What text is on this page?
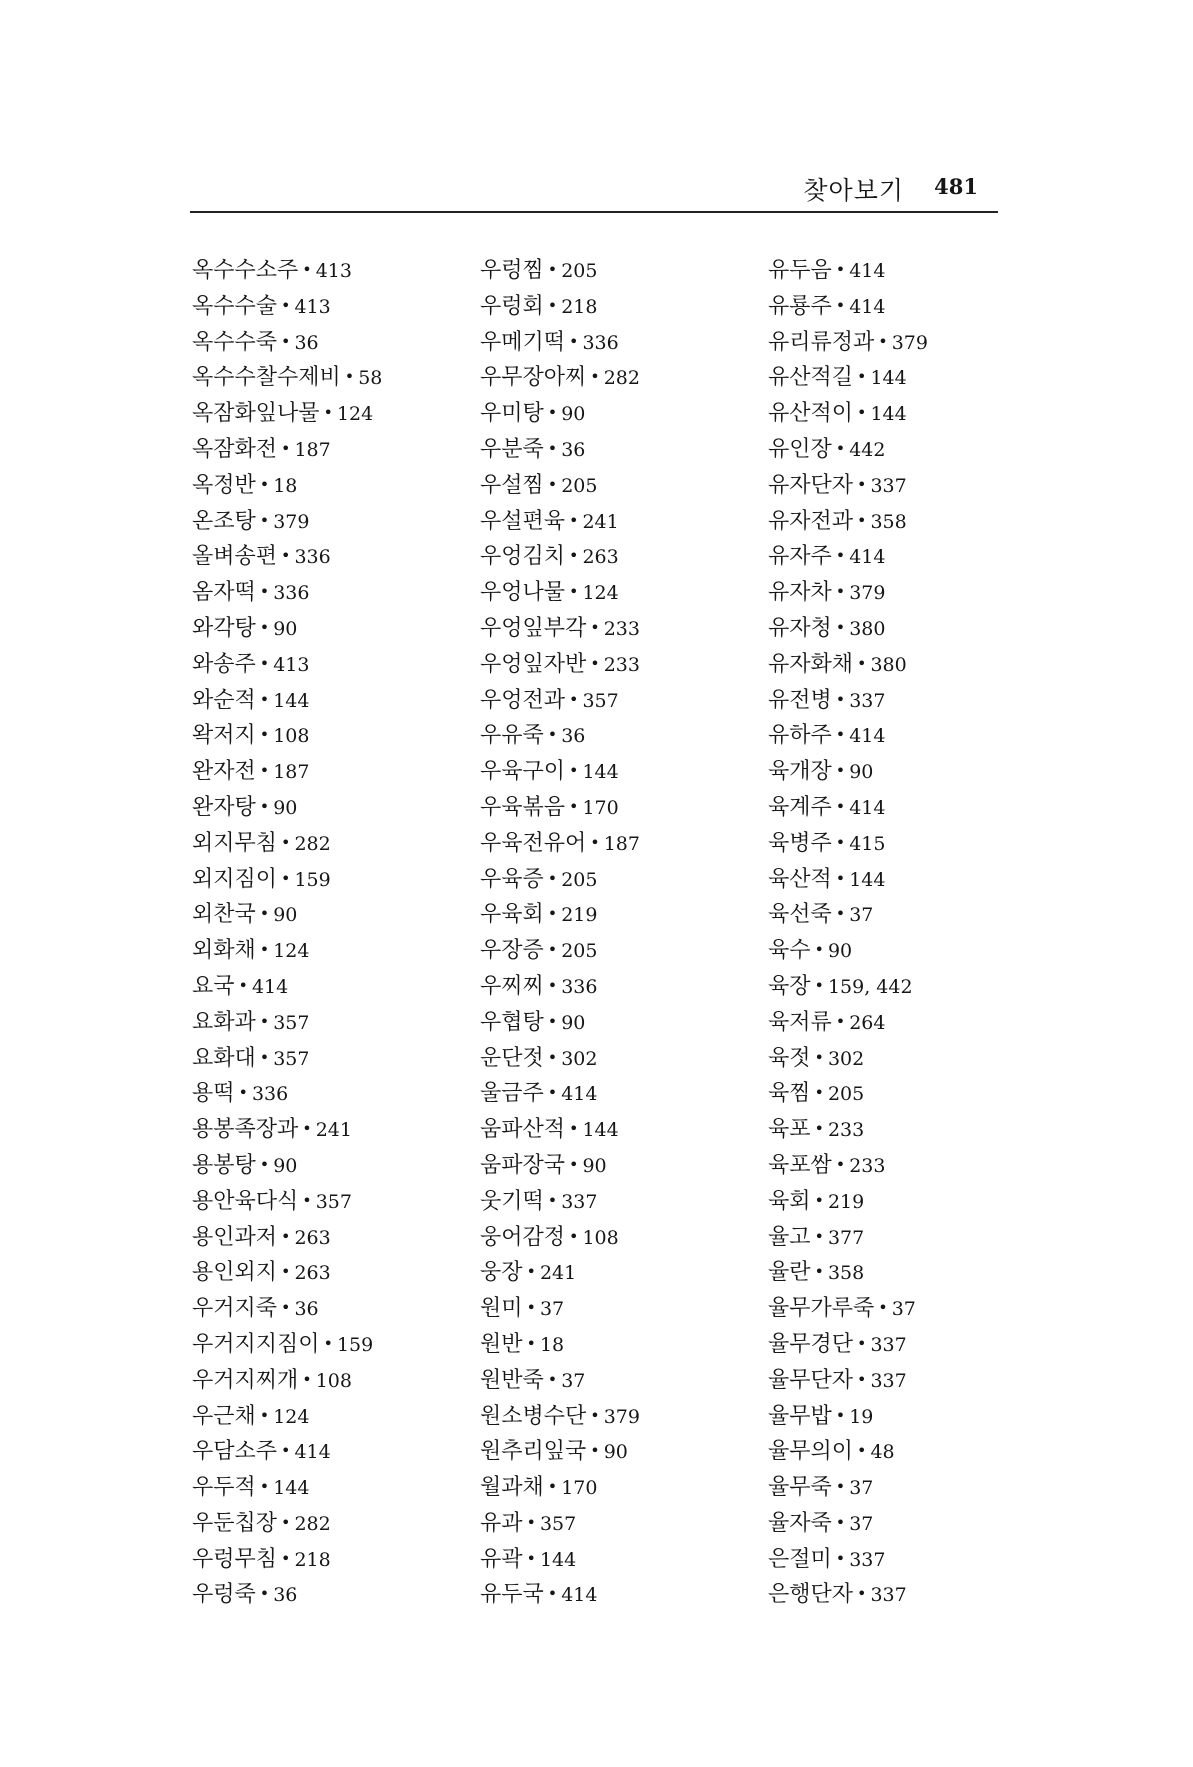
찾아보기 481
옥수수소주 • 413
옥수수술 • 413
옥수수죽 • 36
옥수수찰수제비 • 58
옥잠화잎나물 • 124
옥잠화전 • 187
옥정반 • 18
온조탕 • 379
올벼송편 • 336
옴자떡 • 336
와각탕 • 90
와송주 • 413
와순적 • 144
왁저지 • 108
완자전 • 187
완자탕 • 90
외지무침 • 282
외지짐이 • 159
외찬국 • 90
외화채 • 124
요국 • 414
요화과 • 357
요화대 • 357
용떡 • 336
용봉족장과 • 241
용봉탕 • 90
용안육다식 • 357
용인과저 • 263
용인외지 • 263
우거지죽 • 36
우거지지짐이 • 159
우거지찌개 • 108
우근채 • 124
우담소주 • 414
우두적 • 144
우둔칩장 • 282
우렁무침 • 218
우렁죽 • 36
우렁찜 • 205
우렁회 • 218
우메기떡 • 336
우무장아찌 • 282
우미탕 • 90
우분죽 • 36
우설찜 • 205
우설편육 • 241
우엉김치 • 263
우엉나물 • 124
우엉잎부각 • 233
우엉잎자반 • 233
우엉전과 • 357
우유죽 • 36
우육구이 • 144
우육볶음 • 170
우육전유어 • 187
우육증 • 205
우육회 • 219
우장증 • 205
우찌찌 • 336
우협탕 • 90
운단젓 • 302
울금주 • 414
움파산적 • 144
움파장국 • 90
웃기떡 • 337
웅어감정 • 108
웅장 • 241
원미 • 37
원반 • 18
원반죽 • 37
원소병수단 • 379
원추리잎국 • 90
월과채 • 170
유과 • 357
유곽 • 144
유두국 • 414
유두음 • 414
유룡주 • 414
유리류정과 • 379
유산적길 • 144
유산적이 • 144
유인장 • 442
유자단자 • 337
유자전과 • 358
유자주 • 414
유자차 • 379
유자청 • 380
유자화채 • 380
유전병 • 337
유하주 • 414
육개장 • 90
육계주 • 414
육병주 • 415
육산적 • 144
육선죽 • 37
육수 • 90
육장 • 159, 442
육저류 • 264
육젓 • 302
육찜 • 205
육포 • 233
육포쌈 • 233
육회 • 219
율고 • 377
율란 • 358
율무가루죽 • 37
율무경단 • 337
율무단자 • 337
율무밥 • 19
율무의이 • 48
율무죽 • 37
율자죽 • 37
은절미 • 337
은행단자 • 337
